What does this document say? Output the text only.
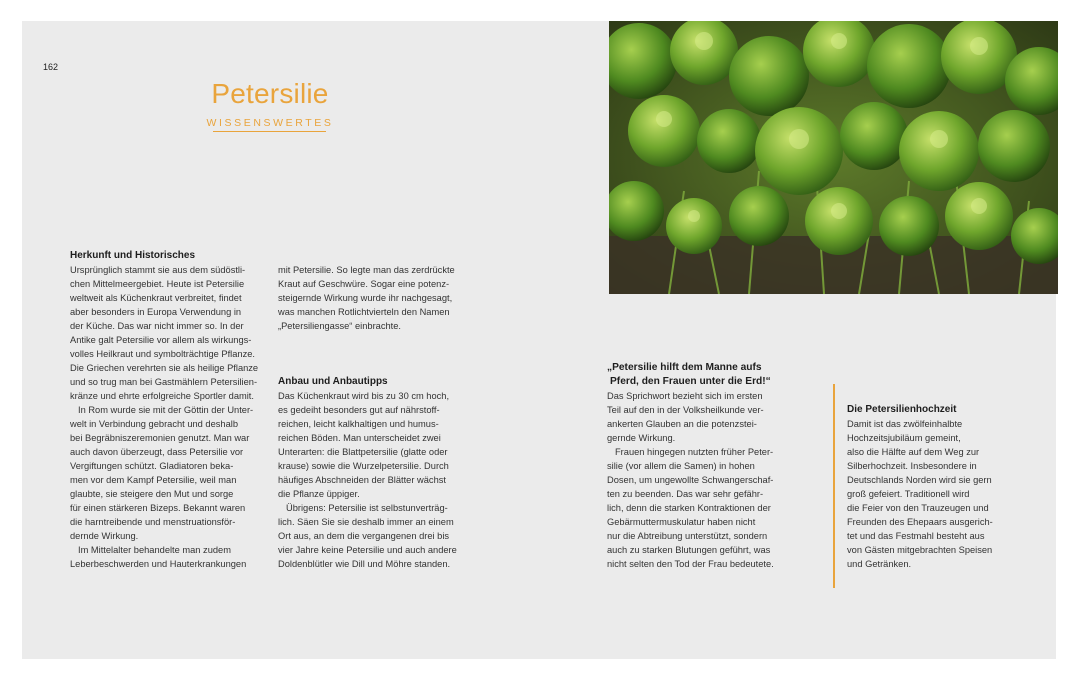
162
Petersilie
WISSENSWERTES
Herkunft und Historisches

Ursprünglich stammt sie aus dem südöstli-

chen Mittelmeergebiet. Heute ist Petersilie

weltweit als Küchenkraut verbreitet, findet

aber besonders in Europa Verwendung in

der Küche. Das war nicht immer so. In der

Antike galt Petersilie vor allem als wirkungs-

volles Heilkraut und symbolträchtige Pflanze.

Die Griechen verehrten sie als heilige Pflanze

und so trug man bei Gastmählern Petersilien-

kränze und ehrte erfolgreiche Sportler damit.

In Rom wurde sie mit der Göttin der Unter-

welt in Verbindung gebracht und deshalb

bei Begräbniszeremonien genutzt. Man war

auch davon überzeugt, dass Petersilie vor

Vergiftungen schützt. Gladiatoren beka-

men vor dem Kampf Petersilie, weil man

glaubte, sie steigere den Mut und sorge

für einen stärkeren Bizeps. Bekannt waren

die harntreibende und menstruationsför-

dernde Wirkung.

Im Mittelalter behandelte man zudem

Leberbeschwerden und Hauterkrankungen

mit Petersilie. So legte man das zerdrückte

Kraut auf Geschwüre. Sogar eine potenz-

steigernde Wirkung wurde ihr nachgesagt,

was manchen Rotlichtvierteln den Namen

„Petersiliengasse“ einbrachte.

Anbau und Anbautipps

Das Küchenkraut wird bis zu 30 cm hoch,

es gedeiht besonders gut auf nährstoff-

reichen, leicht kalkhaltigen und humus-

reichen Böden. Man unterscheidet zwei

Unterarten: die Blattpetersilie (glatte oder

krause) sowie die Wurzelpetersilie. Durch

häufiges Abschneiden der Blätter wächst

die Pflanze üppiger.

Übrigens: Petersilie ist selbstunverträg-

lich. Säen Sie sie deshalb immer an einem

Ort aus, an dem die vergangenen drei bis

vier Jahre keine Petersilie und auch andere

Doldenblütler wie Dill und Möhre standen.

„Petersilie hilft dem Manne aufs
Pferd, den Frauen unter die Erd!“

Das Sprichwort bezieht sich im ersten

Teil auf den in der Volksheilkunde ver-

ankerten Glauben an die potenzstei-

gernde Wirkung.

Frauen hingegen nutzten früher Peter-

silie (vor allem die Samen) in hohen

Dosen, um ungewollte Schwangerschaf-

ten zu beenden. Das war sehr gefähr-

lich, denn die starken Kontraktionen der

Gebärmuttermuskulatur haben nicht

nur die Abtreibung unterstützt, sondern

auch zu starken Blutungen geführt, was

nicht selten den Tod der Frau bedeutete.

Die Petersilienhochzeit

Damit ist das zwölfeinhalbte

Hochzeitsjubiläum gemeint,

also die Hälfte auf dem Weg zur

Silberhochzeit. Insbesondere in

Deutschlands Norden wird sie gern

groß gefeiert. Traditionell wird

die Feier von den Trauzeugen und

Freunden des Ehepaars ausgerich-

tet und das Festmahl besteht aus

von Gästen mitgebrachten Speisen

und Getränken.
